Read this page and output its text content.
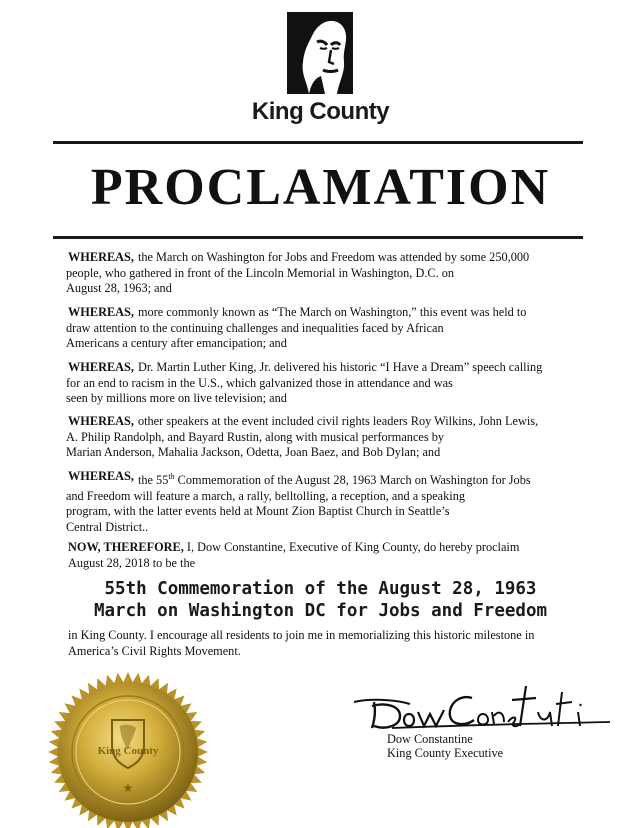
King County
PROCLAMATION
WHEREAS, the March on Washington for Jobs and Freedom was attended by some 250,000
people, who gathered in front of the Lincoln Memorial in Washington, D.C. on
August 28, 1963; and
WHEREAS, more commonly known as “The March on Washington,” this event was held to
draw attention to the continuing challenges and inequalities faced by African
Americans a century after emancipation; and
WHEREAS, Dr. Martin Luther King, Jr. delivered his historic “I Have a Dream” speech calling
for an end to racism in the U.S., which galvanized those in attendance and was
seen by millions more on live television; and
WHEREAS, other speakers at the event included civil rights leaders Roy Wilkins, John Lewis,
A. Philip Randolph, and Bayard Rustin, along with musical performances by
Marian Anderson, Mahalia Jackson, Odetta, Joan Baez, and Bob Dylan; and
WHEREAS, the 55th Commemoration of the August 28, 1963 March on Washington for Jobs
and Freedom will feature a march, a rally, belltolling, a reception, and a speaking
program, with the latter events held at Mount Zion Baptist Church in Seattle’s
Central District..
NOW, THEREFORE, I, Dow Constantine, Executive of King County, do hereby proclaim
August 28, 2018 to be the
55th Commemoration of the August 28, 1963
March on Washington DC for Jobs and Freedom
in King County. I encourage all residents to join me in memorializing this historic milestone in
America’s Civil Rights Movement.
King County
★
Dow Constantine
King County Executive
